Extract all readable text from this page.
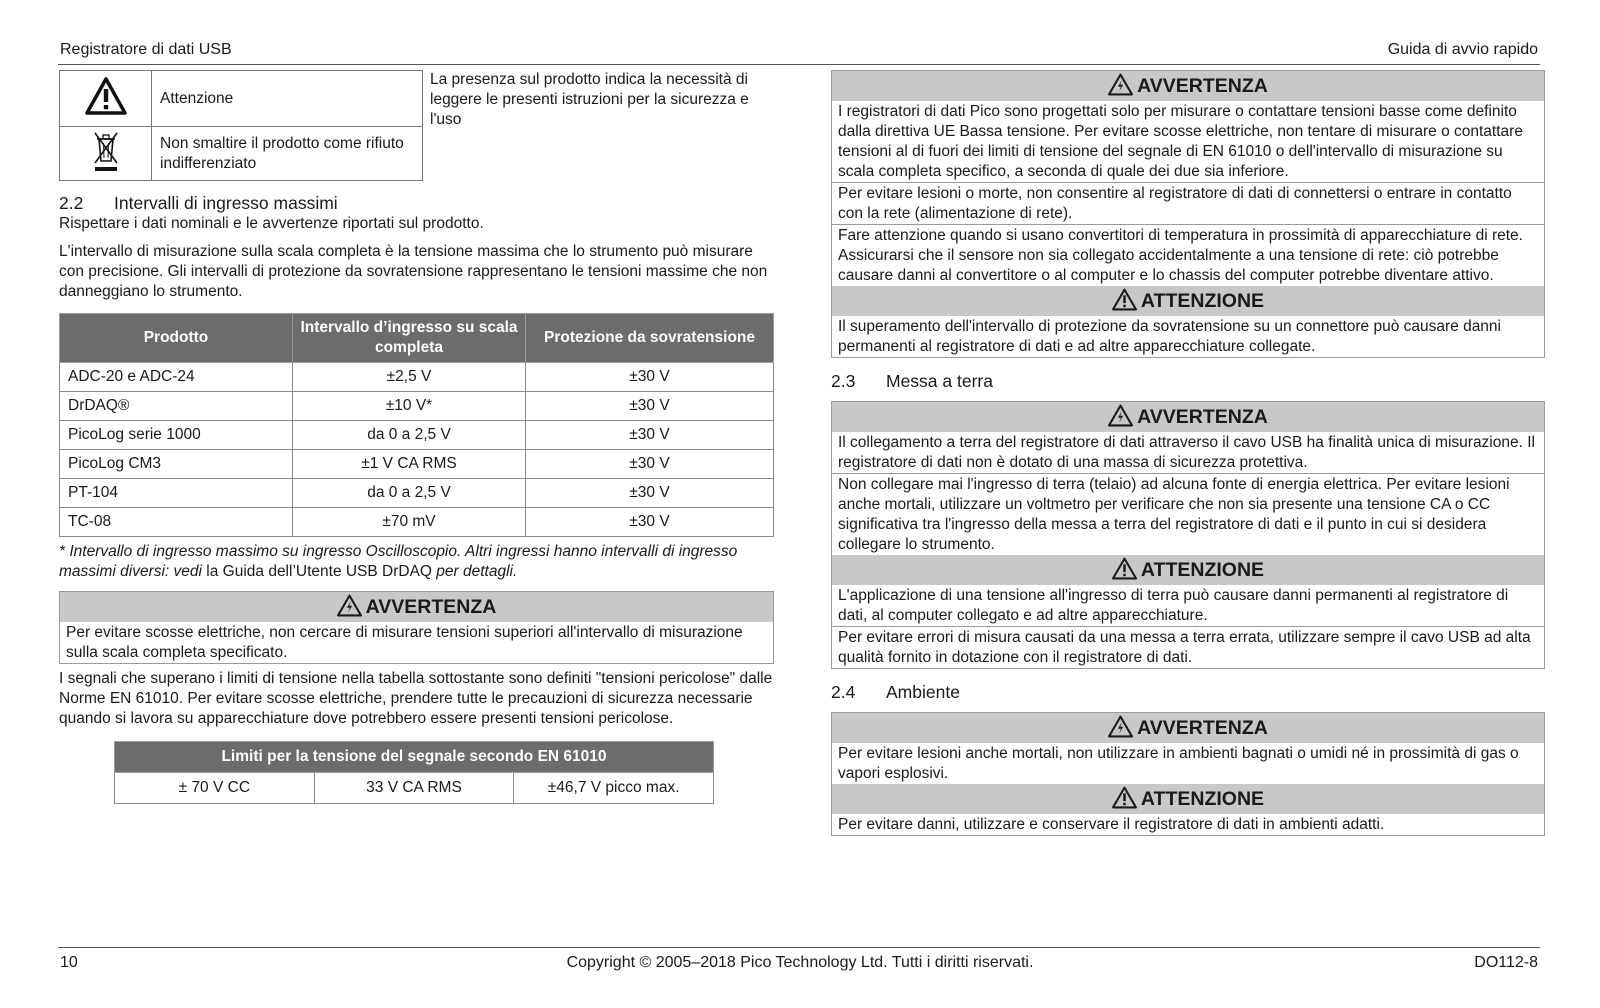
Registratore di dati USB	Guida di avvio rapido
	Attenzione
	Non smaltire il prodotto come rifiuto indifferenziato

La presenza sul prodotto indica la necessità di leggere le presenti istruzioni per la sicurezza e l'uso

2.2 Intervalli di ingresso massimi

Rispettare i dati nominali e le avvertenze riportati sul prodotto.

L'intervallo di misurazione sulla scala completa è la tensione massima che lo strumento può misurare con precisione. Gli intervalli di protezione da sovratensione rappresentano le tensioni massime che non danneggiano lo strumento.

Prodotto	Intervallo d’ingresso su scala completa	Protezione da sovratensione
ADC-20 e ADC-24	±2,5 V	±30 V
DrDAQ®	±10 V*	±30 V
PicoLog serie 1000	da 0 a 2,5 V	±30 V
PicoLog CM3	±1 V CA RMS	±30 V
PT-104	da 0 a 2,5 V	±30 V
TC-08	±70 mV	±30 V

* Intervallo di ingresso massimo su ingresso Oscilloscopio. Altri ingressi hanno intervalli di ingresso massimi diversi: vedi la Guida dell’Utente USB DrDAQ per dettagli.

AVVERTENZA
Per evitare scosse elettriche, non cercare di misurare tensioni superiori all'intervallo di misurazione sulla scala completa specificato.

I segnali che superano i limiti di tensione nella tabella sottostante sono definiti "tensioni pericolose" dalle Norme EN 61010. Per evitare scosse elettriche, prendere tutte le precauzioni di sicurezza necessarie quando si lavora su apparecchiature dove potrebbero essere presenti tensioni pericolose.

Limiti per la tensione del segnale secondo EN 61010
± 70 V CC	33 V CA RMS	±46,7 V picco max.
AVVERTENZA
I registratori di dati Pico sono progettati solo per misurare o contattare tensioni basse come definito dalla direttiva UE Bassa tensione. Per evitare scosse elettriche, non tentare di misurare o contattare tensioni al di fuori dei limiti di tensione del segnale di EN 61010 o dell'intervallo di misurazione su scala completa specifico, a seconda di quale dei due sia inferiore.
Per evitare lesioni o morte, non consentire al registratore di dati di connettersi o entrare in contatto con la rete (alimentazione di rete).
Fare attenzione quando si usano convertitori di temperatura in prossimità di apparecchiature di rete. Assicurarsi che il sensore non sia collegato accidentalmente a una tensione di rete: ciò potrebbe causare danni al convertitore o al computer e lo chassis del computer potrebbe diventare attivo.
ATTENZIONE
Il superamento dell'intervallo di protezione da sovratensione su un connettore può causare danni permanenti al registratore di dati e ad altre apparecchiature collegate.
2.3 Messa a terra
AVVERTENZA
Il collegamento a terra del registratore di dati attraverso il cavo USB ha finalità unica di misurazione. Il registratore di dati non è dotato di una massa di sicurezza protettiva.
Non collegare mai l'ingresso di terra (telaio) ad alcuna fonte di energia elettrica. Per evitare lesioni anche mortali, utilizzare un voltmetro per verificare che non sia presente una tensione CA o CC significativa tra l'ingresso della messa a terra del registratore di dati e il punto in cui si desidera collegare lo strumento.
ATTENZIONE
L'applicazione di una tensione all'ingresso di terra può causare danni permanenti al registratore di dati, al computer collegato e ad altre apparecchiature.
Per evitare errori di misura causati da una messa a terra errata, utilizzare sempre il cavo USB ad alta qualità fornito in dotazione con il registratore di dati.
2.4 Ambiente
AVVERTENZA
Per evitare lesioni anche mortali, non utilizzare in ambienti bagnati o umidi né in prossimità di gas o vapori esplosivi.
ATTENZIONE
Per evitare danni, utilizzare e conservare il registratore di dati in ambienti adatti.
10	Copyright © 2005–2018 Pico Technology Ltd. Tutti i diritti riservati.	DO112-8
